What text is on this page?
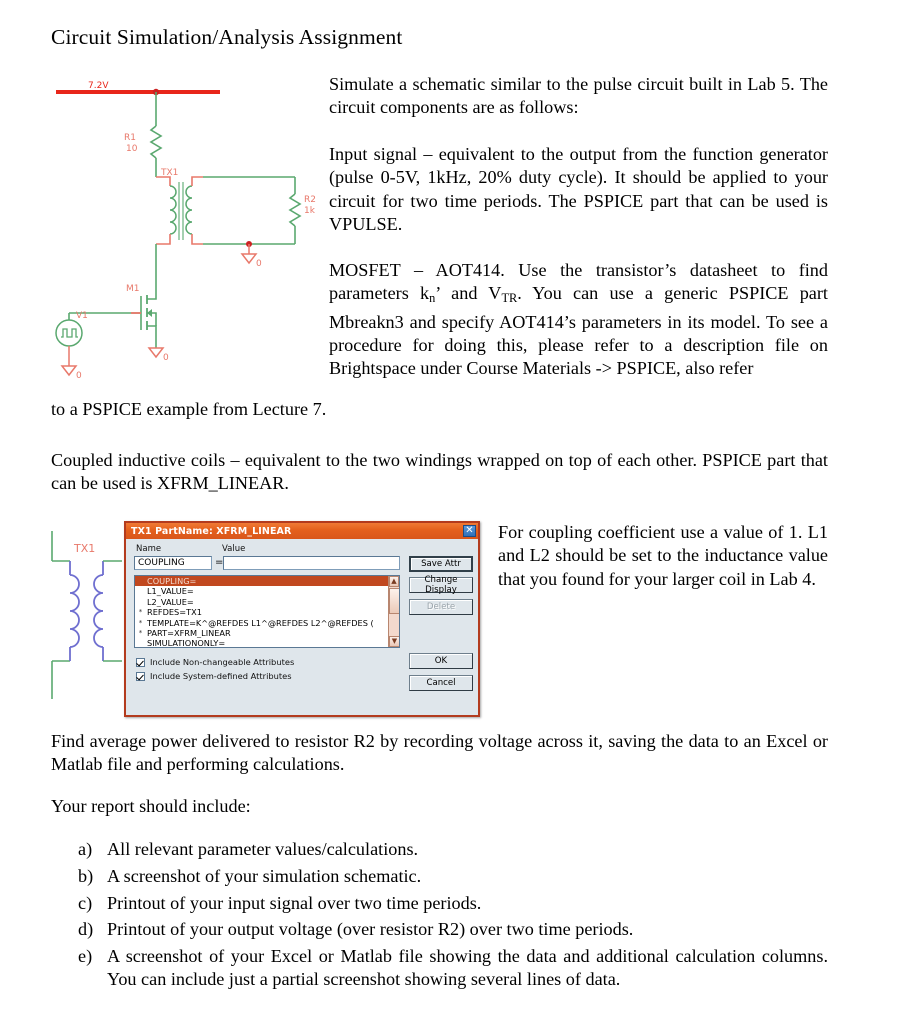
Circuit Simulation/Analysis Assignment
7.2V
R1
10
TX1
R2
1k
0
M1
0
V1
0
Simulate a schematic similar to the pulse circuit built in Lab 5. The circuit components are as follows:
Input signal – equivalent to the output from the function generator (pulse 0-5V, 1kHz, 20% duty cycle). It should be applied to your circuit for two time periods. The PSPICE part that can be used is VPULSE.
MOSFET – AOT414. Use the transistor’s datasheet to find parameters $k_n$’ and $V_{TR}$. You can use a generic PSPICE part Mbreakn3 and specify AOT414’s parameters in its model. To see a procedure for doing this, please refer to a description file on Brightspace under Course Materials -> PSPICE, also refer
to a PSPICE example from Lecture 7.
Coupled inductive coils – equivalent to the two windings wrapped on top of each other. PSPICE part that can be used is XFRM_LINEAR.
TX1
TX1 PartName: XFRM_LINEAR	✕
Name	Value
COUPLING
=
COUPLING=
L1_VALUE=
L2_VALUE=
* REFDES=TX1
* TEMPLATE=K^@REFDES L1^@REFDES L2^@REFDES (
* PART=XFRM_LINEAR
SIMULATIONONLY=
▲
▼
Save Attr
Change Display
Delete
OK
Cancel
Include Non-changeable Attributes
Include System-defined Attributes
For coupling coefficient use a value of 1. L1 and L2 should be set to the inductance value that you found for your larger coil in Lab 4.
Find average power delivered to resistor R2 by recording voltage across it, saving the data to an Excel or Matlab file and performing calculations.
Your report should include:
a) All relevant parameter values/calculations.
b) A screenshot of your simulation schematic.
c) Printout of your input signal over two time periods.
d) Printout of your output voltage (over resistor R2) over two time periods.
e) A screenshot of your Excel or Matlab file showing the data and additional calculation columns. You can include just a partial screenshot showing several lines of data.
